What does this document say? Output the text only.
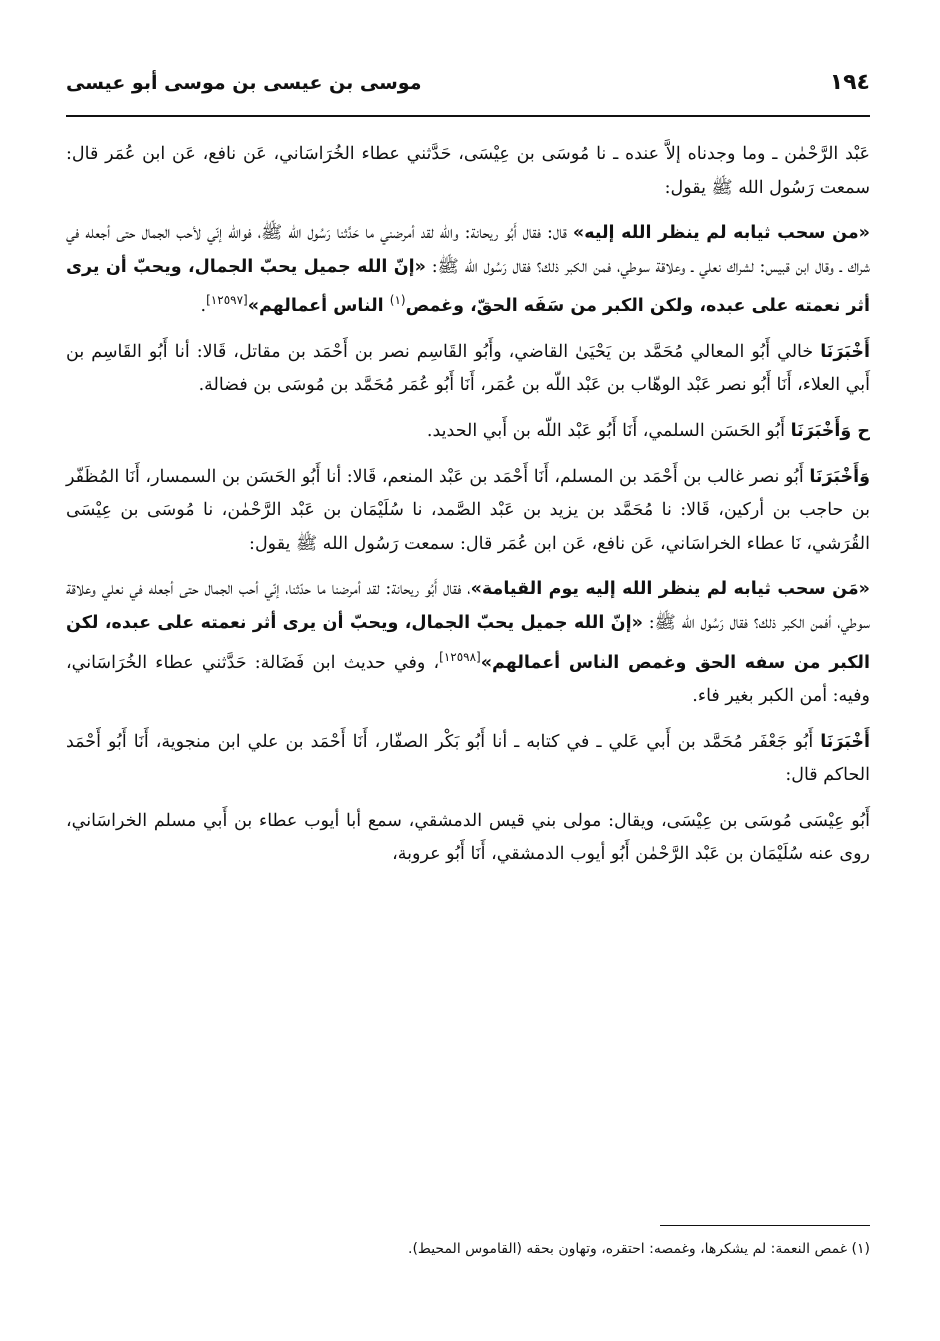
١٩٤
موسى بن عيسى بن موسى أبو عيسى

عَبْد الرَّحْمٰن ـ وما وجدناه إلاَّ عنده ـ نا مُوسَى بن عِيْسَى، حَدَّثني عطاء الخُرَاسَاني، عَن نافع، عَن ابن عُمَر قال: سمعت رَسُول الله ﷺ يقول:

«من سحب ثيابه لم ينظر الله إليه» قال: فقال أَبُو ريحانة: والله لقد أمرضني ما حَدَّثنا رَسُول الله ﷺ، فوالله إنّي لأحب الجمال حتى أجعله في شراك ـ وقال ابن قبيس: لشراك نعلي ـ وعلاقة سوطي، فمن الكبر ذلك؟ فقال رَسُول الله ﷺ: «إنّ الله جميل يحبّ الجمال، ويحبّ أن يرى أثر نعمته على عبده، ولكن الكبر من سَفَه الحقّ، وغمص$^{(١)}$ الناس أعمالهم»[١٢٥٩٧].

أَخْبَرَنَا خالي أَبُو المعالي مُحَمَّد بن يَحْيَىٰ القاضي، وأَبُو القَاسِم نصر بن أَحْمَد بن مقاتل، قَالا: أنا أَبُو القَاسِم بن أَبي العلاء، أَنَا أَبُو نصر عَبْد الوهّاب بن عَبْد اللّه بن عُمَر، أَنَا أَبُو عُمَر مُحَمَّد بن مُوسَى بن فضالة.

ح وَأَخْبَرَنَا أَبُو الحَسَن السلمي، أَنَا أَبُو عَبْد اللّه بن أَبي الحديد.

وَأَخْبَرَنَا أَبُو نصر غالب بن أَحْمَد بن المسلم، أَنَا أَحْمَد بن عَبْد المنعم، قَالا: أنا أَبُو الحَسَن بن السمسار، أَنَا المُظَفّر بن حاجب بن أركين، قَالا: نا مُحَمَّد بن يزيد بن عَبْد الصَّمد، نا سُلَيْمَان بن عَبْد الرَّحْمٰن، نا مُوسَى بن عِيْسَى القُرَشي، نَا عطاء الخراسَاني، عَن نافع، عَن ابن عُمَر قال: سمعت رَسُول الله ﷺ يقول:

«مَن سحب ثيابه لم ينظر الله إليه يوم القيامة»، فقال أَبُو ريحانة: لقد أمرضنا ما حدّثنا، إنّي أحب الجمال حتى أجعله في نعلي وعلاقة سوطي، أفمن الكبر ذلك؟ فقال رَسُول الله ﷺ: «إنّ الله جميل يحبّ الجمال، ويحبّ أن يرى أثر نعمته على عبده، لكن الكبر من سفه الحق وغمص الناس أعمالهم»[١٢٥٩٨]، وفي حديث ابن فَضَالة: حَدَّثني عطاء الخُرَاسَاني، وفيه: أمن الكبر بغير فاء.

أَخْبَرَنَا أَبُو جَعْفَر مُحَمَّد بن أَبي عَلي ـ في كتابه ـ أنا أَبُو بَكْر الصفّار، أَنَا أَحْمَد بن علي ابن منجوية، أَنَا أَبُو أَحْمَد الحاكم قال:

أَبُو عِيْسَى مُوسَى بن عِيْسَى، ويقال: مولى بني قيس الدمشقي، سمع أبا أيوب عطاء بن أَبي مسلم الخراسَاني، روى عنه سُلَيْمَان بن عَبْد الرَّحْمٰن أَبُو أيوب الدمشقي، أَنَا أَبُو عروبة،

(١) غمص النعمة: لم يشكرها، وغمصه: احتقره، وتهاون بحقه (القاموس المحيط).
